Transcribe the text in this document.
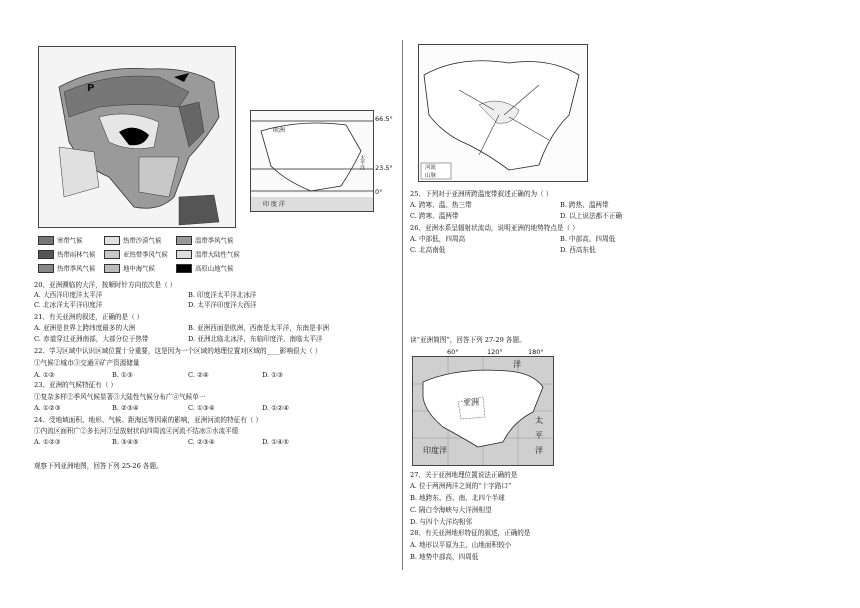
P
寒带气候	热带沙漠气候	温带季风气候
热带雨林气候	亚热带季风气候	温带大陆性气候
热带季风气候	地中海气候	高原山地气候
欧洲
太平洋
印 度 洋
66.5°
23.5°
0°
河流
山脉
60°	120°	180°
洋
亚洲
太
平
洋
印度洋
20、亚洲濒临的大洋，按顺时针方向依次是（ ）
A. 大西洋印度洋太平洋	B. 印度洋太平洋北冰洋
C. 北冰洋太平洋印度洋	D. 太平洋印度洋大西洋
21、有关亚洲的叙述，正确的是（ ）
A. 亚洲是世界上跨纬度最多的大洲	B. 亚洲西面是欧洲，西南是太平洋，东南是非洲
C. 赤道穿过亚洲南部，大部分位于热带	D. 亚洲北临北冰洋，东临印度洋，南临太平洋
22、学习区域中认识区域位置十分重要，这是因为一个区域的地理位置对区域的____影响很大（ ）
①气候②城市③交通④矿产资源储量
A. ①②	B. ①③	C. ②④	D. ①③
23、亚洲的气候特征有（ ）
①复杂多样②季风气候显著③大陆性气候分布广④气候单一
A. ①②③	B. ②③④	C. ①③④	D. ①②④
24、受地域面积、地形、气候、距海远等因素的影响，亚洲河流的特征有（ ）
①内流区面积广②多长河③呈放射状向四周流④河流不结冰⑤水流平缓
A. ①②③	B. ③④⑤	C. ②③④	D. ①④⑤
观察下列亚洲地图，回答下列 25-26 各题。
25、下列对于亚洲所跨温度带叙述正确的为（ ）
A. 跨寒、温、热三带	B. 跨热、温两带
C. 跨寒、温两带	D. 以上说法都不正确
26、亚洲水系呈辐射状流动，说明亚洲的地势特点是（ ）
A. 中部低，四周高	B. 中部高，四周低
C. 北高南低	D. 西高东低
读“亚洲简图”，回答下列 27-29 各题。
27、关于亚洲地理位置说法正确的是
A. 位于两洲两洋之间的“十字路口”
B. 地跨东、西、南、北四个半球
C. 隔白令海峡与大洋洲相望
D. 与四个大洋均相邻
28、有关亚洲地形特征的叙述，正确的是
A. 地形以平原为主，山地面积较小
B. 地势中部高，四周低
